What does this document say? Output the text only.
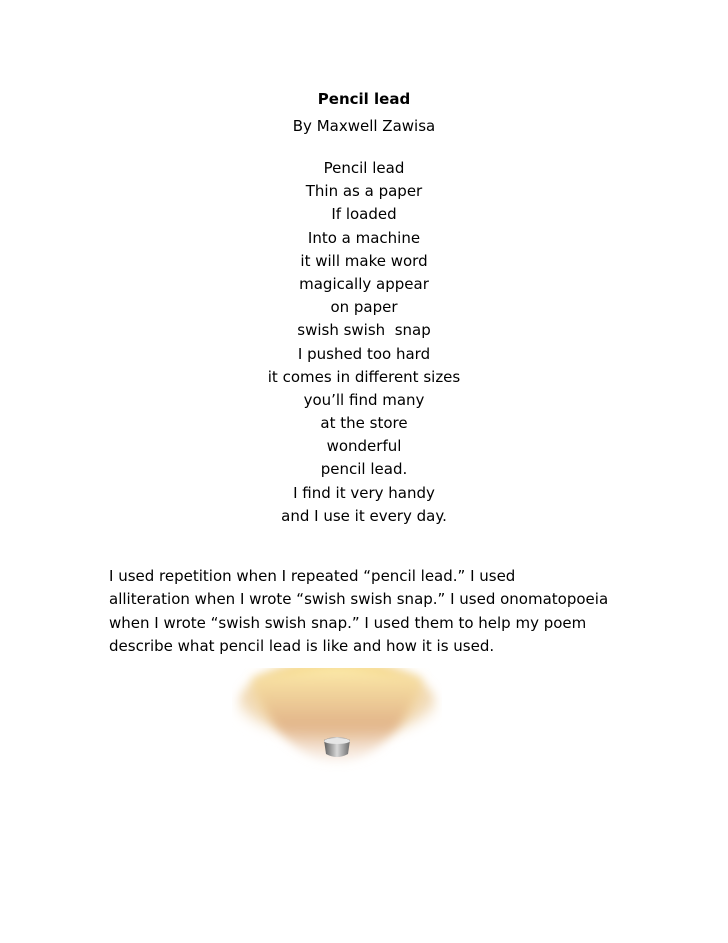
Pencil lead
By Maxwell Zawisa
Pencil lead
Thin as a paper
If loaded
Into a machine
it will make word
magically appear
on paper
swish swish  snap
I pushed too hard
it comes in different sizes
you’ll find many
at the store
wonderful
pencil lead.
I find it very handy
and I use it every day.

I used repetition when I repeated “pencil lead.” I used
alliteration when I wrote “swish swish snap.” I used onomatopoeia
when I wrote “swish swish snap.” I used them to help my poem
describe what pencil lead is like and how it is used.
